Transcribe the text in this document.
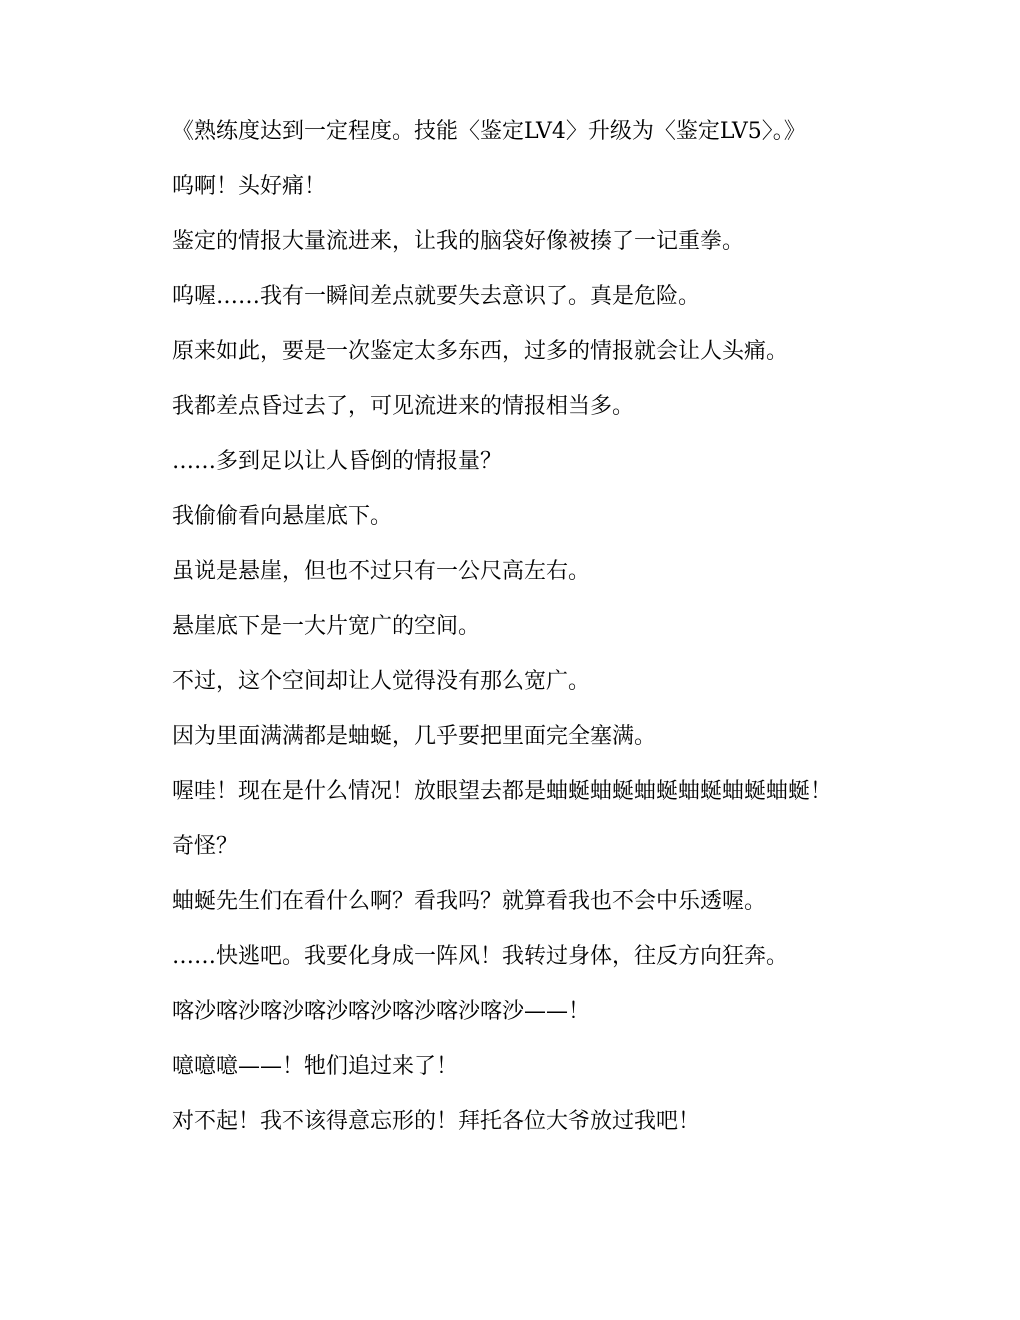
《熟练度达到一定程度。技能〈鉴定LV4〉升级为〈鉴定LV5〉。》

呜啊！头好痛！

鉴定的情报大量流进来，让我的脑袋好像被揍了一记重拳。

呜喔……我有一瞬间差点就要失去意识了。真是危险。

原来如此，要是一次鉴定太多东西，过多的情报就会让人头痛。

我都差点昏过去了，可见流进来的情报相当多。

……多到足以让人昏倒的情报量？

我偷偷看向悬崖底下。

虽说是悬崖，但也不过只有一公尺高左右。

悬崖底下是一大片宽广的空间。

不过，这个空间却让人觉得没有那么宽广。

因为里面满满都是蚰蜒，几乎要把里面完全塞满。

喔哇！现在是什么情况！放眼望去都是蚰蜒蚰蜒蚰蜒蚰蜒蚰蜒蚰蜒！

奇怪？

蚰蜒先生们在看什么啊？看我吗？就算看我也不会中乐透喔。

……快逃吧。我要化身成一阵风！我转过身体，往反方向狂奔。

喀沙喀沙喀沙喀沙喀沙喀沙喀沙喀沙——！

噫噫噫——！牠们追过来了！

对不起！我不该得意忘形的！拜托各位大爷放过我吧！
